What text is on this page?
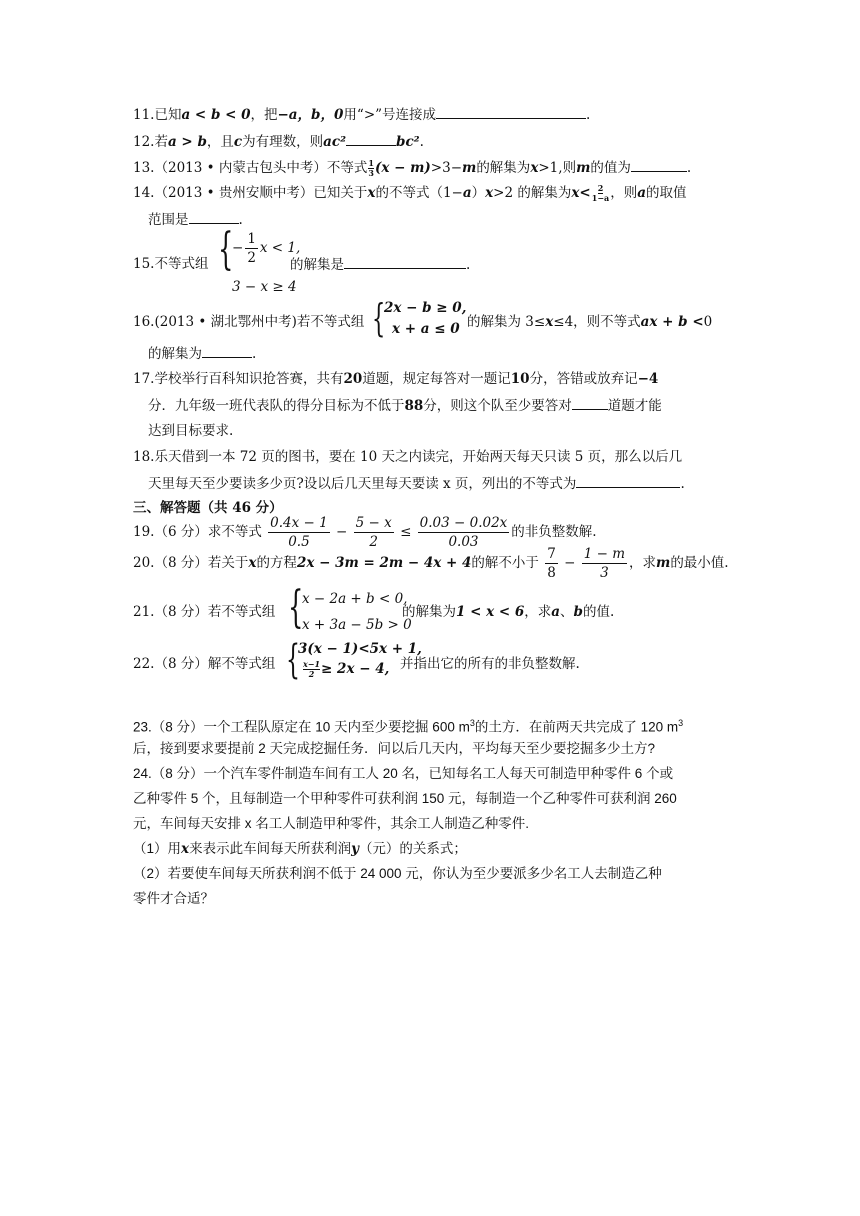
11.已知a < b < 0，把−a，b，0用“>”号连接成	.
12.若a > b，且c为有理数，则ac²	bc².
13.（2013 • 内蒙古包头中考）不等式 $\frac{1}{3} (x - m)>3-m$的解集为x>1,则m的值为	.
14.（2013 • 贵州安顺中考）已知关于x的不等式（1−a）x>2 的解集为$x< \frac{2}{1-a}$ ，则a的取值
范围是	.
15.不等式组 {
− $\frac{1}{2}$ x < 1,
3 − x ≥ 4
的解集是	.
16.(2013 • 湖北鄂州中考)若不等式组 {
2x − b ≥ 0,
x + a ≤ 0 的解集为 3≤x≤4，则不等式ax + b <0
的解集为	.
17.学校举行百科知识抢答赛，共有20道题，规定每答对一题记10分，答错或放弃记−4
分．九年级一班代表队的得分目标为不低于88分，则这个队至少要答对	道题才能
达到目标要求.
18.乐天借到一本 72 页的图书，要在 10 天之内读完，开始两天每天只读 5 页，那么以后几
天里每天至少要读多少页?设以后几天里每天要读 x 页，列出的不等式为	.
三、解答题（共 46 分）
19.（6 分）求不等式 $\frac{0.4x - 1}{0.5} - \frac{5 - x}{2} \le \frac{0.03 - 0.02x}{0.03}$ 的非负整数解.
20.（8 分）若关于x的方程2x − 3m = 2m − 4x + 4的解不小于 $\frac{7}{8} - \frac{1 - m}{3}$ ，求m的最小值.
21.（8 分）若不等式组 {
x − 2a + b < 0,
x + 3a − 5b > 0
的解集为1 < x < 6，求a、b的值.
22.（8 分）解不等式组 {
3(x − 1)<5x + 1,
$\frac{x-1}{2} \ge 2x - 4$, 并指出它的所有的非负整数解.
23.（8 分）一个工程队原定在 10 天内至少要挖掘 600 $m^3$的土方．在前两天共完成了 120 $m^3$
后，接到要求要提前 2 天完成挖掘任务．问以后几天内，平均每天至少要挖掘多少土方?
24.（8 分）一个汽车零件制造车间有工人 20 名，已知每名工人每天可制造甲种零件 6 个或
乙种零件 5 个，且每制造一个甲种零件可获利润 150 元，每制造一个乙种零件可获利润 260
元，车间每天安排 x 名工人制造甲种零件，其余工人制造乙种零件.
（1）用x来表示此车间每天所获利润y（元）的关系式；
（2）若要使车间每天所获利润不低于 24 000 元，你认为至少要派多少名工人去制造乙种
零件才合适？
